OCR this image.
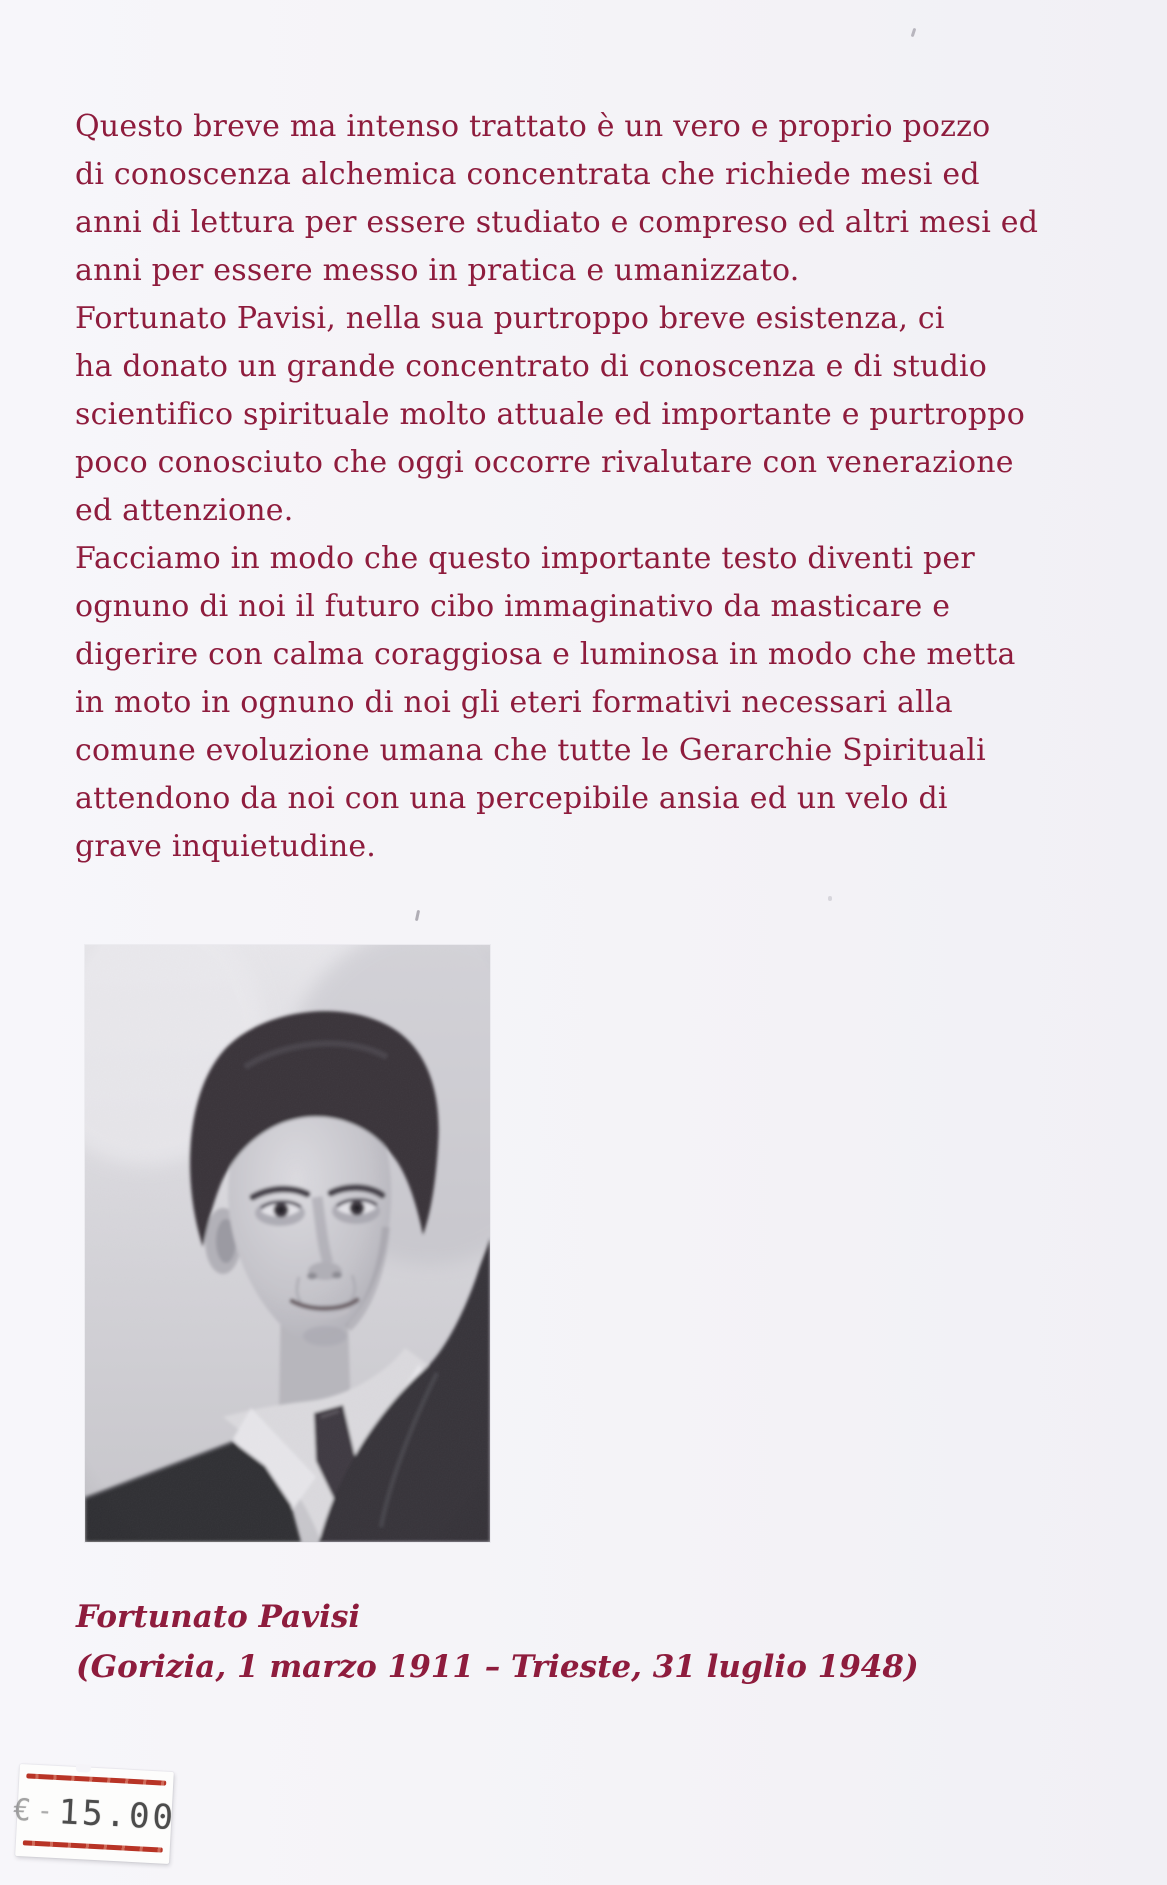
Questo breve ma intenso trattato è un vero e proprio pozzo
di conoscenza alchemica concentrata che richiede mesi ed
anni di lettura per essere studiato e compreso ed altri mesi ed
anni per essere messo in pratica e umanizzato.
Fortunato Pavisi, nella sua purtroppo breve esistenza, ci
ha donato un grande concentrato di conoscenza e di studio
scientifico spirituale molto attuale ed importante e purtroppo
poco conosciuto che oggi occorre rivalutare con venerazione
ed attenzione.
Facciamo in modo che questo importante testo diventi per
ognuno di noi il futuro cibo immaginativo da masticare e
digerire con calma coraggiosa e luminosa in modo che metta
in moto in ognuno di noi gli eteri formativi necessari alla
comune evoluzione umana che tutte le Gerarchie Spirituali
attendono da noi con una percepibile ansia ed un velo di
grave inquietudine.
Fortunato Pavisi
(Gorizia, 1 marzo 1911 – Trieste, 31 luglio 1948)
€ - 15.00
